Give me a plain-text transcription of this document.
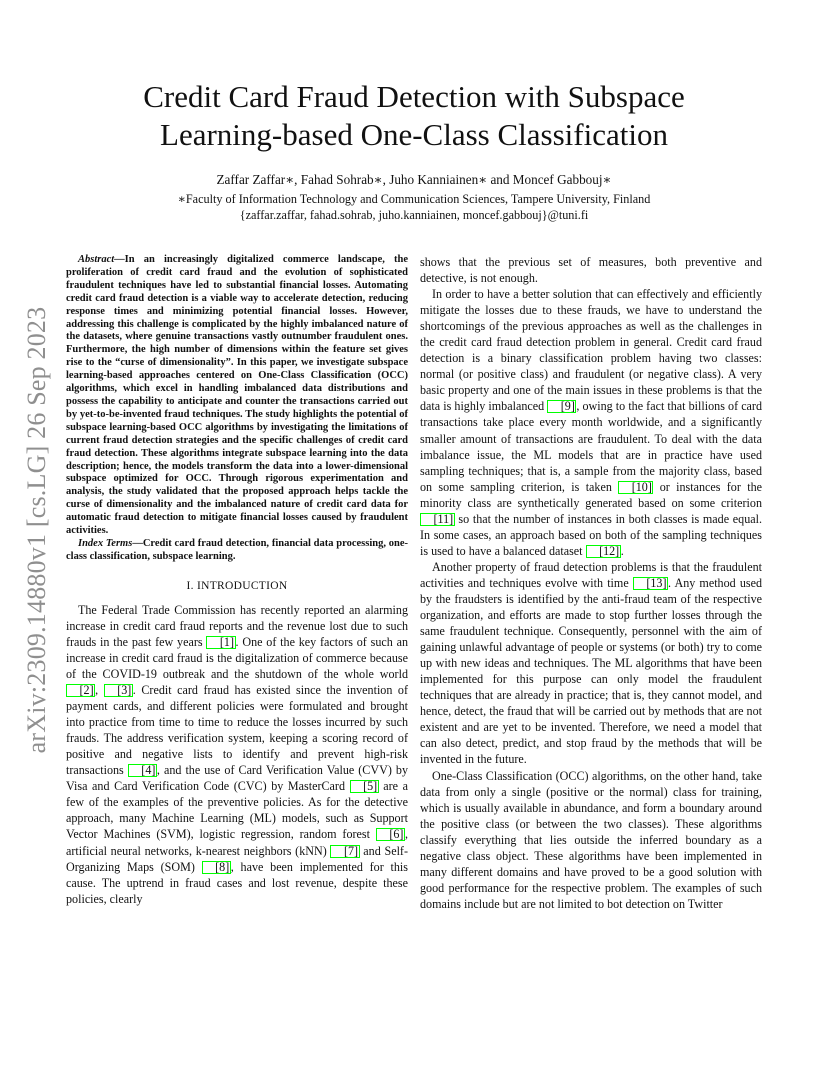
arXiv:2309.14880v1 [cs.LG] 26 Sep 2023
Credit Card Fraud Detection with Subspace
Learning-based One-Class Classification
Zaffar Zaffar∗, Fahad Sohrab∗, Juho Kanniainen∗ and Moncef Gabbouj∗
∗Faculty of Information Technology and Communication Sciences, Tampere University, Finland
{zaffar.zaffar, fahad.sohrab, juho.kanniainen, moncef.gabbouj}@tuni.fi

Abstract—In an increasingly digitalized commerce landscape, the proliferation of credit card fraud and the evolution of sophisticated fraudulent techniques have led to substantial financial losses. Automating credit card fraud detection is a viable way to accelerate detection, reducing response times and minimizing potential financial losses. However, addressing this challenge is complicated by the highly imbalanced nature of the datasets, where genuine transactions vastly outnumber fraudulent ones. Furthermore, the high number of dimensions within the feature set gives rise to the “curse of dimensionality”. In this paper, we investigate subspace learning-based approaches centered on One-Class Classification (OCC) algorithms, which excel in handling imbalanced data distributions and possess the capability to anticipate and counter the transactions carried out by yet-to-be-invented fraud techniques. The study highlights the potential of subspace learning-based OCC algorithms by investigating the limitations of current fraud detection strategies and the specific challenges of credit card fraud detection. These algorithms integrate subspace learning into the data description; hence, the models transform the data into a lower-dimensional subspace optimized for OCC. Through rigorous experimentation and analysis, the study validated that the proposed approach helps tackle the curse of dimensionality and the imbalanced nature of credit card data for automatic fraud detection to mitigate financial losses caused by fraudulent activities.

Index Terms—Credit card fraud detection, financial data processing, one-class classification, subspace learning.

I. INTRODUCTION

The Federal Trade Commission has recently reported an alarming increase in credit card fraud reports and the revenue lost due to such frauds in the past few years [1] . One of the key factors of such an increase in credit card fraud is the digitalization of commerce because of the COVID-19 outbreak and the shutdown of the whole world [2] , [3] . Credit card fraud has existed since the invention of payment cards, and different policies were formulated and brought into practice from time to time to reduce the losses incurred by such frauds. The address verification system, keeping a scoring record of positive and negative lists to identify and prevent high-risk transactions [4] , and the use of Card Verification Value (CVV) by Visa and Card Verification Code (CVC) by MasterCard [5] are a few of the examples of the preventive policies. As for the detective approach, many Machine Learning (ML) models, such as Support Vector Machines (SVM), logistic regression, random forest [6] , artificial neural networks, k-nearest neighbors (kNN) [7] and Self-Organizing Maps (SOM) [8] , have been implemented for this cause. The uptrend in fraud cases and lost revenue, despite these policies, clearly

shows that the previous set of measures, both preventive and detective, is not enough.

In order to have a better solution that can effectively and efficiently mitigate the losses due to these frauds, we have to understand the shortcomings of the previous approaches as well as the challenges in the credit card fraud detection problem in general. Credit card fraud detection is a binary classification problem having two classes: normal (or positive class) and fraudulent (or negative class). A very basic property and one of the main issues in these problems is that the data is highly imbalanced [9] , owing to the fact that billions of card transactions take place every month worldwide, and a significantly smaller amount of transactions are fraudulent. To deal with the data imbalance issue, the ML models that are in practice have used sampling techniques; that is, a sample from the majority class, based on some sampling criterion, is taken [10] or instances for the minority class are synthetically generated based on some criterion [11] so that the number of instances in both classes is made equal. In some cases, an approach based on both of the sampling techniques is used to have a balanced dataset [12] .

Another property of fraud detection problems is that the fraudulent activities and techniques evolve with time [13] . Any method used by the fraudsters is identified by the anti-fraud team of the respective organization, and efforts are made to stop further losses through the same fraudulent technique. Consequently, personnel with the aim of gaining unlawful advantage of people or systems (or both) try to come up with new ideas and techniques. The ML algorithms that have been implemented for this purpose can only model the fraudulent techniques that are already in practice; that is, they cannot model, and hence, detect, the fraud that will be carried out by methods that are not existent and are yet to be invented. Therefore, we need a model that can also detect, predict, and stop fraud by the methods that will be invented in the future.

One-Class Classification (OCC) algorithms, on the other hand, take data from only a single (positive or the normal) class for training, which is usually available in abundance, and form a boundary around the positive class (or between the two classes). These algorithms classify everything that lies outside the inferred boundary as a negative class object. These algorithms have been implemented in many different domains and have proved to be a good solution with good performance for the respective problem. The examples of such domains include but are not limited to bot detection on Twitter
